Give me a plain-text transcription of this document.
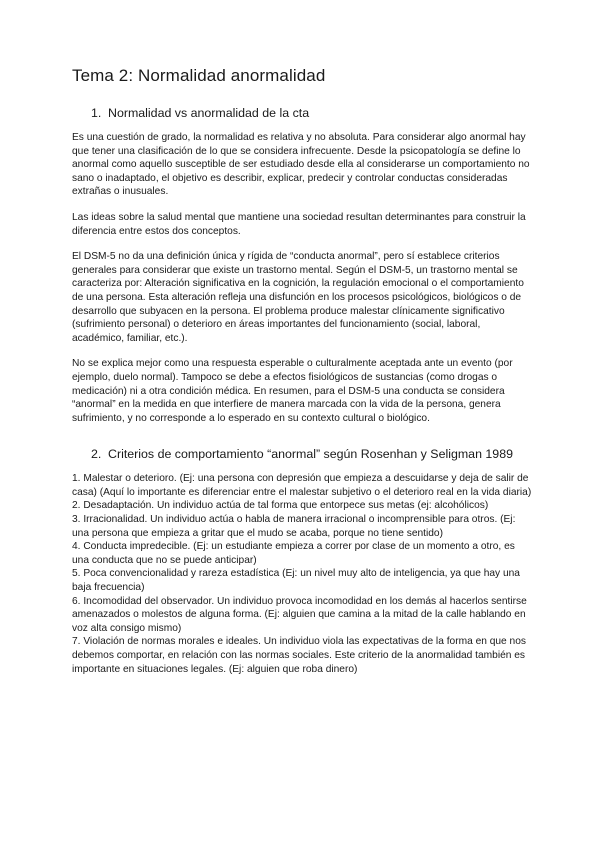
Tema 2: Normalidad anormalidad
1. Normalidad vs anormalidad de la cta

Es una cuestión de grado, la normalidad es relativa y no absoluta. Para considerar algo anormal hay que tener una clasificación de lo que se considera infrecuente. Desde la psicopatología se define lo anormal como aquello susceptible de ser estudiado desde ella al considerarse un comportamiento no sano o inadaptado, el objetivo es describir, explicar, predecir y controlar conductas consideradas extrañas o inusuales.

Las ideas sobre la salud mental que mantiene una sociedad resultan determinantes para construir la diferencia entre estos dos conceptos.

El DSM-5 no da una definición única y rígida de “conducta anormal”, pero sí establece criterios generales para considerar que existe un trastorno mental. Según el DSM-5, un trastorno mental se caracteriza por: Alteración significativa en la cognición, la regulación emocional o el comportamiento de una persona. Esta alteración refleja una disfunción en los procesos psicológicos, biológicos o de desarrollo que subyacen en la persona. El problema produce malestar clínicamente significativo (sufrimiento personal) o deterioro en áreas importantes del funcionamiento (social, laboral, académico, familiar, etc.).

No se explica mejor como una respuesta esperable o culturalmente aceptada ante un evento (por ejemplo, duelo normal). Tampoco se debe a efectos fisiológicos de sustancias (como drogas o medicación) ni a otra condición médica. En resumen, para el DSM-5 una conducta se considera “anormal” en la medida en que interfiere de manera marcada con la vida de la persona, genera sufrimiento, y no corresponde a lo esperado en su contexto cultural o biológico.

2. Criterios de comportamiento “anormal” según Rosenhan y Seligman 1989

1. Malestar o deterioro. (Ej: una persona con depresión que empieza a descuidarse y deja de salir de casa) (Aquí lo importante es diferenciar entre el malestar subjetivo o el deterioro real en la vida diaria)

2. Desadaptación. Un individuo actúa de tal forma que entorpece sus metas (ej: alcohólicos)

3. Irracionalidad. Un individuo actúa o habla de manera irracional o incomprensible para otros. (Ej: una persona que empieza a gritar que el mudo se acaba, porque no tiene sentido)

4. Conducta impredecible. (Ej: un estudiante empieza a correr por clase de un momento a otro, es una conducta que no se puede anticipar)

5. Poca convencionalidad y rareza estadística (Ej: un nivel muy alto de inteligencia, ya que hay una baja frecuencia)

6. Incomodidad del observador. Un individuo provoca incomodidad en los demás al hacerlos sentirse amenazados o molestos de alguna forma. (Ej: alguien que camina a la mitad de la calle hablando en voz alta consigo mismo)

7. Violación de normas morales e ideales. Un individuo viola las expectativas de la forma en que nos debemos comportar, en relación con las normas sociales. Este criterio de la anormalidad también es importante en situaciones legales. (Ej: alguien que roba dinero)
